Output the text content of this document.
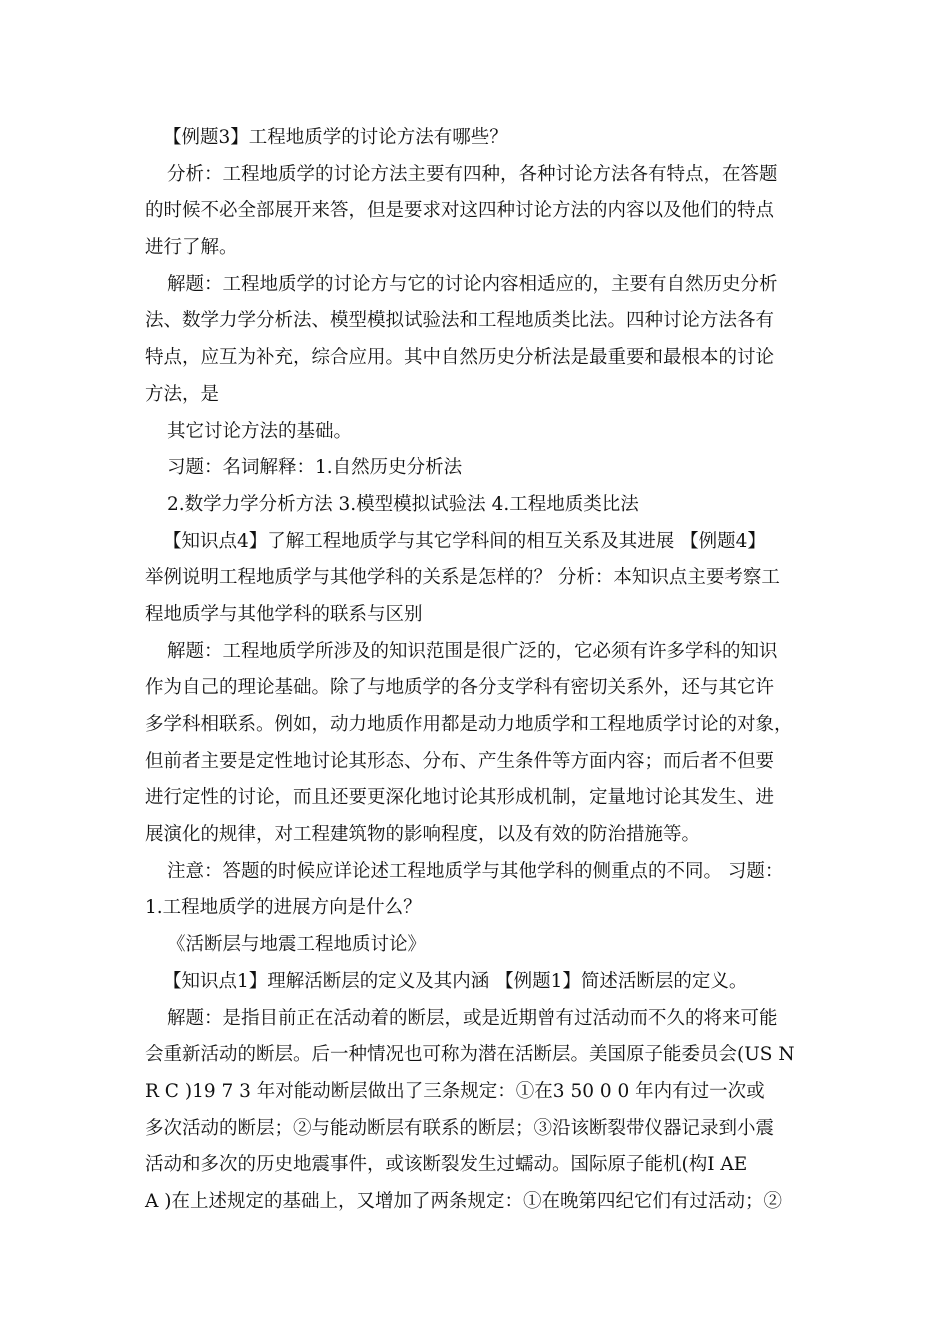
【例题3】工程地质学的讨论方法有哪些？
分析：工程地质学的讨论方法主要有四种，各种讨论方法各有特点，在答题
的时候不必全部展开来答，但是要求对这四种讨论方法的内容以及他们的特点
进行了解。
解题：工程地质学的讨论方与它的讨论内容相适应的，主要有自然历史分析
法、数学力学分析法、模型模拟试验法和工程地质类比法。四种讨论方法各有
特点，应互为补充，综合应用。其中自然历史分析法是最重要和最根本的讨论
方法，是
其它讨论方法的基础。
习题：名词解释：1.自然历史分析法
2.数学力学分析方法 3.模型模拟试验法 4.工程地质类比法
【知识点4】了解工程地质学与其它学科间的相互关系及其进展 【例题4】
举例说明工程地质学与其他学科的关系是怎样的？ 分析：本知识点主要考察工
程地质学与其他学科的联系与区别
解题：工程地质学所涉及的知识范围是很广泛的，它必须有许多学科的知识
作为自己的理论基础。除了与地质学的各分支学科有密切关系外，还与其它许
多学科相联系。例如，动力地质作用都是动力地质学和工程地质学讨论的对象，
但前者主要是定性地讨论其形态、分布、产生条件等方面内容；而后者不但要
进行定性的讨论，而且还要更深化地讨论其形成机制，定量地讨论其发生、进
展演化的规律，对工程建筑物的影响程度，以及有效的防治措施等。
注意：答题的时候应详论述工程地质学与其他学科的侧重点的不同。 习题：
1.工程地质学的进展方向是什么？
《活断层与地震工程地质讨论》
【知识点1】理解活断层的定义及其内涵 【例题1】简述活断层的定义。
解题：是指目前正在活动着的断层，或是近期曾有过活动而不久的将来可能
会重新活动的断层。后一种情况也可称为潜在活断层。美国原子能委员会(US N
R C )19 7 3 年对能动断层做出了三条规定：①在3 50 0 0 年内有过一次或
多次活动的断层；②与能动断层有联系的断层；③沿该断裂带仪器记录到小震
活动和多次的历史地震事件，或该断裂发生过蠕动。国际原子能机(构I AE
A )在上述规定的基础上，又增加了两条规定：①在晚第四纪它们有过活动；②
